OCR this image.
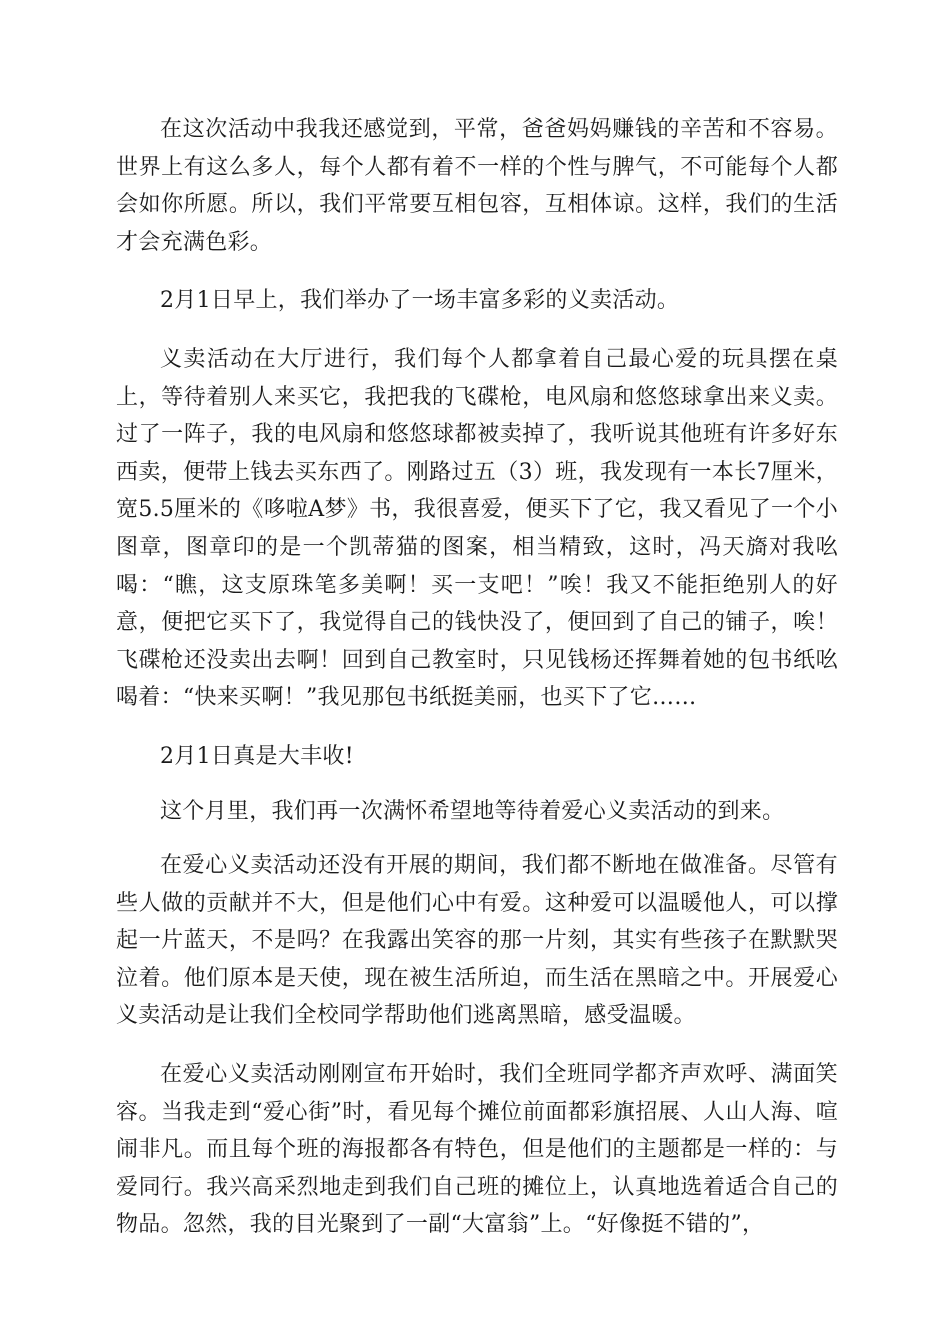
在这次活动中我我还感觉到，平常，爸爸妈妈赚钱的辛苦和不容易。世界上有这么多人，每个人都有着不一样的个性与脾气，不可能每个人都会如你所愿。所以，我们平常要互相包容，互相体谅。这样，我们的生活才会充满色彩。

2月1日早上，我们举办了一场丰富多彩的义卖活动。

义卖活动在大厅进行，我们每个人都拿着自己最心爱的玩具摆在桌上，等待着别人来买它，我把我的飞碟枪，电风扇和悠悠球拿出来义卖。过了一阵子，我的电风扇和悠悠球都被卖掉了，我听说其他班有许多好东西卖，便带上钱去买东西了。刚路过五（3）班，我发现有一本长7厘米，宽5.5厘米的《哆啦A梦》书，我很喜爱，便买下了它，我又看见了一个小图章，图章印的是一个凯蒂猫的图案，相当精致，这时，冯天旖对我吆喝：“瞧，这支原珠笔多美啊！买一支吧！”唉！我又不能拒绝别人的好意，便把它买下了，我觉得自己的钱快没了，便回到了自己的铺子，唉！飞碟枪还没卖出去啊！回到自己教室时，只见钱杨还挥舞着她的包书纸吆喝着：“快来买啊！”我见那包书纸挺美丽，也买下了它……

2月1日真是大丰收!

这个月里，我们再一次满怀希望地等待着爱心义卖活动的到来。

在爱心义卖活动还没有开展的期间，我们都不断地在做准备。尽管有些人做的贡献并不大，但是他们心中有爱。这种爱可以温暖他人，可以撑起一片蓝天，不是吗？在我露出笑容的那一片刻，其实有些孩子在默默哭泣着。他们原本是天使，现在被生活所迫，而生活在黑暗之中。开展爱心义卖活动是让我们全校同学帮助他们逃离黑暗，感受温暖。

在爱心义卖活动刚刚宣布开始时，我们全班同学都齐声欢呼、满面笑容。当我走到“爱心街”时，看见每个摊位前面都彩旗招展、人山人海、喧闹非凡。而且每个班的海报都各有特色，但是他们的主题都是一样的：与爱同行。我兴高采烈地走到我们自己班的摊位上，认真地选着适合自己的物品。忽然，我的目光聚到了一副“大富翁”上。“好像挺不错的”，
